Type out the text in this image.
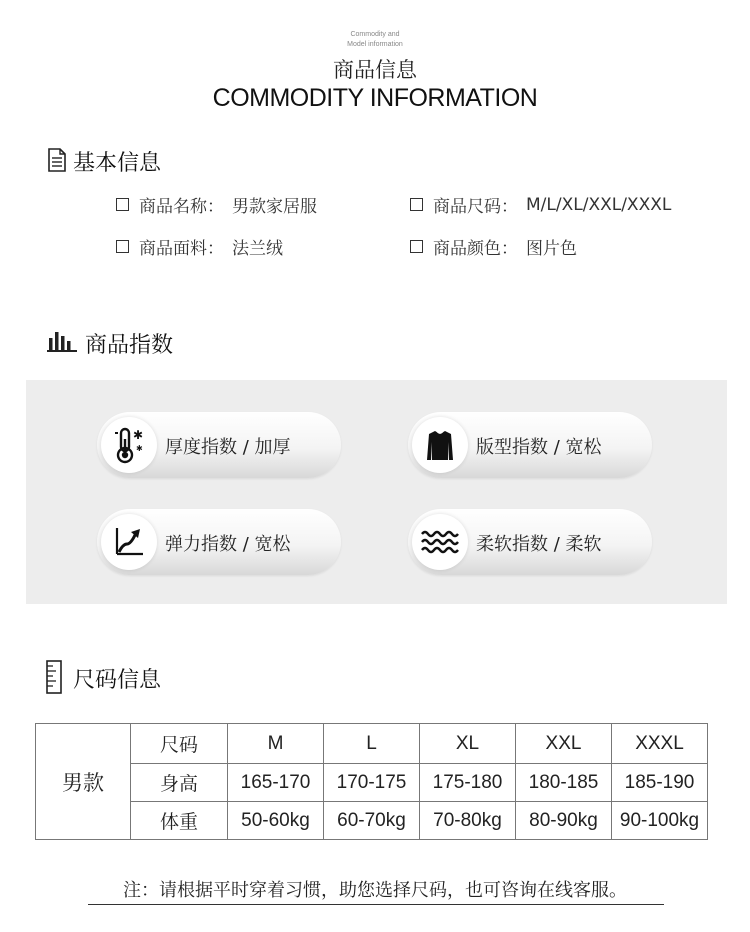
Commodity and
Model information
商品信息
COMMODITY INFORMATION
基本信息
商品名称： 男款家居服	商品尺码： M/L/XL/XXL/XXXL
商品面料： 法兰绒	商品颜色： 图片色
商品指数
✱
✱ 厚度指数 / 加厚	版型指数 / 宽松
弹力指数 / 宽松	柔软指数 / 柔软
尺码信息
男款	尺码	M	L	XL	XXL	XXXL
	身高	165-170	170-175	175-180	180-185	185-190
	体重	50-60kg	60-70kg	70-80kg	80-90kg	90-100kg
注：请根据平时穿着习惯，助您选择尺码，也可咨询在线客服。
